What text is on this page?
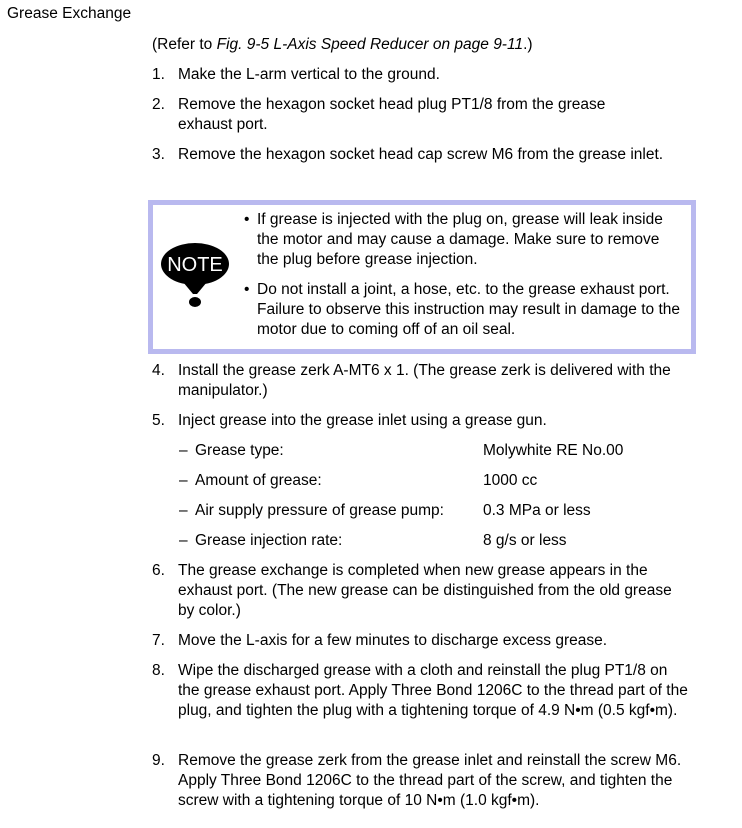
Grease Exchange
(Refer to Fig. 9-5 L-Axis Speed Reducer on page 9-11.)
1. Make the L-arm vertical to the ground.
2. Remove the hexagon socket head plug PT1/8 from the grease exhaust port.
3. Remove the hexagon socket head cap screw M6 from the grease inlet.
NOTE
• If grease is injected with the plug on, grease will leak inside the motor and may cause a damage. Make sure to remove the plug before grease injection.
• Do not install a joint, a hose, etc. to the grease exhaust port. Failure to observe this instruction may result in damage to the motor due to coming off of an oil seal.
4. Install the grease zerk A-MT6 x 1. (The grease zerk is delivered with the manipulator.)
5. Inject grease into the grease inlet using a grease gun.
– Grease type:	Molywhite RE No.00
– Amount of grease:	1000 cc
– Air supply pressure of grease pump:	0.3 MPa or less
– Grease injection rate:	8 g/s or less
6. The grease exchange is completed when new grease appears in the exhaust port. (The new grease can be distinguished from the old grease by color.)
7. Move the L-axis for a few minutes to discharge excess grease.
8. Wipe the discharged grease with a cloth and reinstall the plug PT1/8 on the grease exhaust port. Apply Three Bond 1206C to the thread part of the plug, and tighten the plug with a tightening torque of 4.9 N•m (0.5 kgf•m).
9. Remove the grease zerk from the grease inlet and reinstall the screw M6. Apply Three Bond 1206C to the thread part of the screw, and tighten the screw with a tightening torque of 10 N•m (1.0 kgf•m).
